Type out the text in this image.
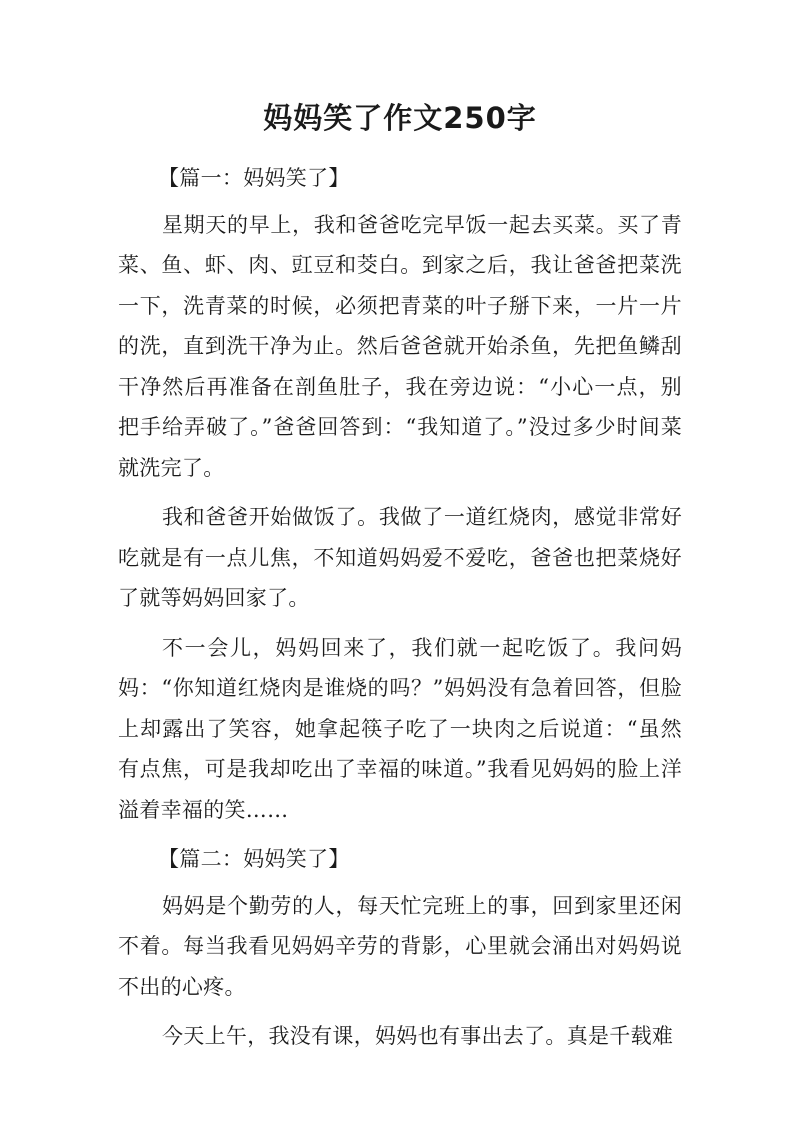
妈妈笑了作文250字

【篇一：妈妈笑了】

星期天的早上，我和爸爸吃完早饭一起去买菜。买了青菜、鱼、虾、肉、豇豆和茭白。到家之后，我让爸爸把菜洗一下，洗青菜的时候，必须把青菜的叶子掰下来，一片一片的洗，直到洗干净为止。然后爸爸就开始杀鱼，先把鱼鳞刮干净然后再准备在剖鱼肚子，我在旁边说：“小心一点，别把手给弄破了。”爸爸回答到：“我知道了。”没过多少时间菜就洗完了。

我和爸爸开始做饭了。我做了一道红烧肉，感觉非常好吃就是有一点儿焦，不知道妈妈爱不爱吃，爸爸也把菜烧好了就等妈妈回家了。

不一会儿，妈妈回来了，我们就一起吃饭了。我问妈妈：“你知道红烧肉是谁烧的吗？”妈妈没有急着回答，但脸上却露出了笑容，她拿起筷子吃了一块肉之后说道：“虽然有点焦，可是我却吃出了幸福的味道。”我看见妈妈的脸上洋溢着幸福的笑……

【篇二：妈妈笑了】

妈妈是个勤劳的人，每天忙完班上的事，回到家里还闲不着。每当我看见妈妈辛劳的背影，心里就会涌出对妈妈说不出的心疼。

今天上午，我没有课，妈妈也有事出去了。真是千载难
